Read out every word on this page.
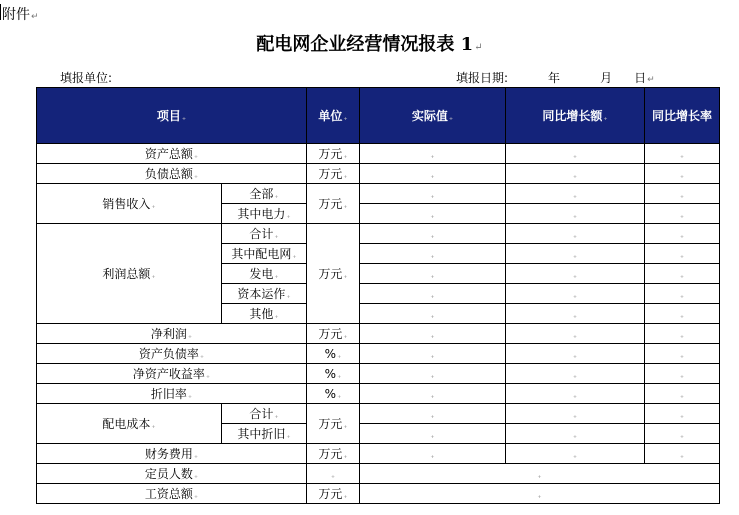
附件↵
配电网企业经营情况报表 1↵
填报单位:	填报日期:	年	月 日↵
项目₊		单位₊	实际值₊	同比增长额₊	同比增长率
资产总额₊		万元₊	₊	₊	₊
负债总额₊		万元₊	₊	₊	₊
销售收入₊	全部₊	万元₊	₊	₊	₊
	其中电力₊		₊	₊	₊
利润总额₊	合计₊	万元₊	₊	₊	₊
	其中配电网₊		₊	₊	₊
	发电₊		₊	₊	₊
	资本运作₊		₊	₊	₊
	其他₊		₊	₊	₊
净利润₊		万元₊	₊	₊	₊
资产负债率₊		%₊	₊	₊	₊
净资产收益率₊		%₊	₊	₊	₊
折旧率₊		%₊	₊	₊	₊
配电成本₊	合计₊	万元₊	₊	₊	₊
	其中折旧₊		₊	₊	₊
财务费用₊		万元₊	₊	₊	₊
定员人数₊		₊	₊		
工资总额₊		万元₊	₊		
